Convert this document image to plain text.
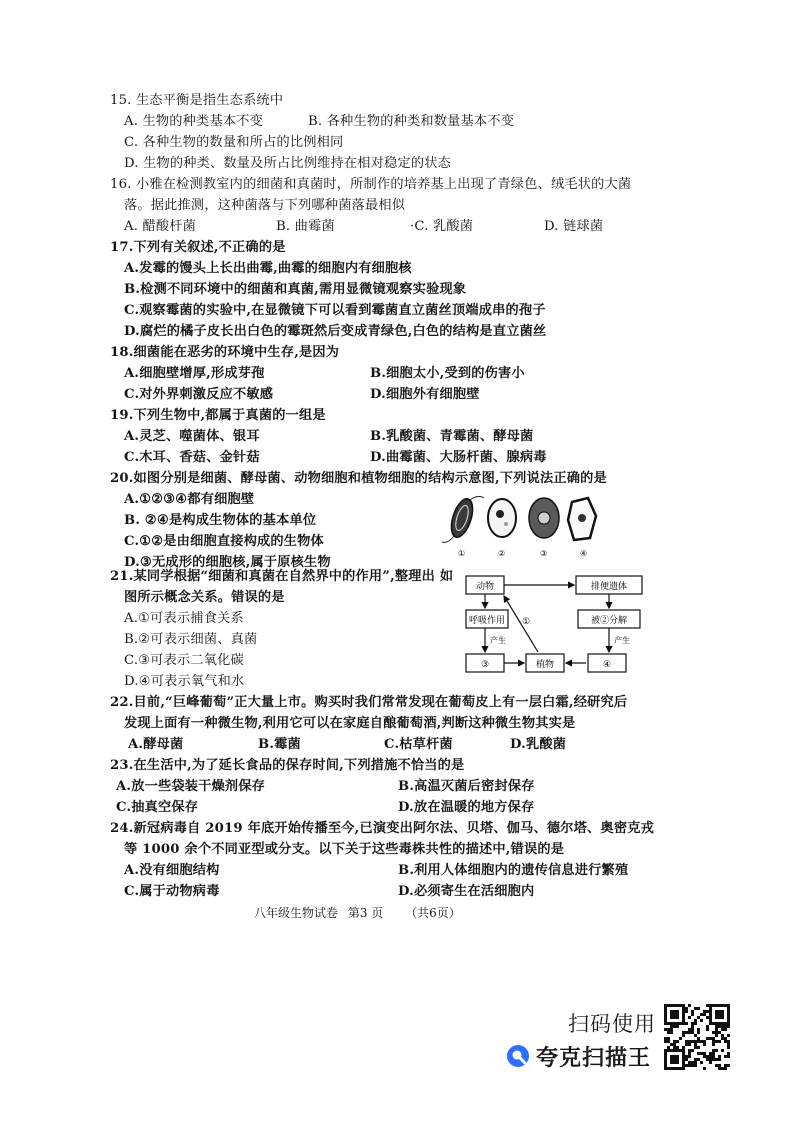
15. 生态平衡是指生态系统中
A. 生物的种类基本不变	B. 各种生物的种类和数量基本不变
C. 各种生物的数量和所占的比例相同
D. 生物的种类、数量及所占比例维持在相对稳定的状态
16. 小雅在检测教室内的细菌和真菌时，所制作的培养基上出现了青绿色、绒毛状的大菌
落。据此推测，这种菌落与下列哪种菌落最相似
A. 醋酸杆菌	B. 曲霉菌	·C. 乳酸菌	D. 链球菌
17.下列有关叙述,不正确的是
A.发霉的馒头上长出曲霉,曲霉的细胞内有细胞核
B.检测不同环境中的细菌和真菌,需用显微镜观察实验现象
C.观察霉菌的实验中,在显微镜下可以看到霉菌直立菌丝顶端成串的孢子
D.腐烂的橘子皮长出白色的霉斑然后变成青绿色,白色的结构是直立菌丝
18.细菌能在恶劣的环境中生存,是因为
A.细胞壁增厚,形成芽孢	B.细胞太小,受到的伤害小
C.对外界刺激反应不敏感	D.细胞外有细胞壁
19.下列生物中,都属于真菌的一组是
A.灵芝、噬菌体、银耳	B.乳酸菌、青霉菌、酵母菌
C.木耳、香菇、金针菇	D.曲霉菌、大肠杆菌、腺病毒
20.如图分别是细菌、酵母菌、动物细胞和植物细胞的结构示意图,下列说法正确的是
A.①②③④都有细胞壁
B. ②④是构成生物体的基本单位
C.①②是由细胞直接构成的生物体
D.③无成形的细胞核,属于原核生物
①	②	③	④
21.某同学根据“细菌和真菌在自然界中的作用”,整理出 如
图所示概念关系。错误的是
A.①可表示捕食关系
B.②可表示细菌、真菌
C.③可表示二氧化碳
D.④可表示氧气和水
动物	排便遗体
呼吸作用	被②分解
③	植物	④
①
产生	产生
22.目前,“巨峰葡萄”正大量上市。购买时我们常常发现在葡萄皮上有一层白霜,经研究后
发现上面有一种微生物,利用它可以在家庭自酿葡萄酒,判断这种微生物其实是
A.酵母菌	B.霉菌	C.枯草杆菌	D.乳酸菌
23.在生活中,为了延长食品的保存时间,下列措施不恰当的是
A.放一些袋装干燥剂保存	B.高温灭菌后密封保存
C.抽真空保存	D.放在温暖的地方保存
24.新冠病毒自 2019 年底开始传播至今,已演变出阿尔法、贝塔、伽马、德尔塔、奥密克戎
等 1000 余个不同亚型或分支。以下关于这些毒株共性的描述中,错误的是
A.没有细胞结构	B.利用人体细胞内的遗传信息进行繁殖
C.属于动物病毒	D.必须寄生在活细胞内
八年级生物试卷 第3 页 （共6页）
扫码使用
夸克扫描王
